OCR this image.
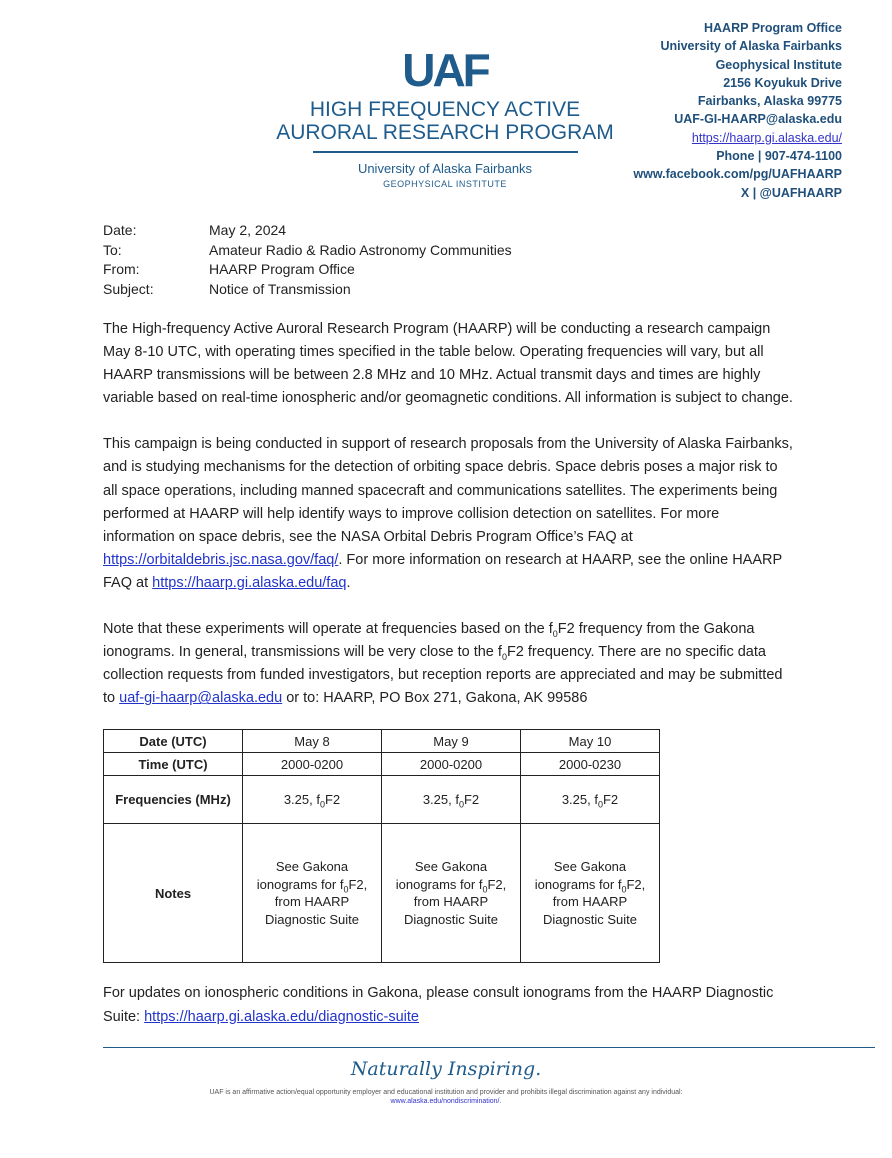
UAF
HIGH FREQUENCY ACTIVE
AURORAL RESEARCH PROGRAM
University of Alaska Fairbanks
GEOPHYSICAL INSTITUTE
HAARP Program Office
University of Alaska Fairbanks
Geophysical Institute
2156 Koyukuk Drive
Fairbanks, Alaska 99775
UAF-GI-HAARP@alaska.edu
https://haarp.gi.alaska.edu/
Phone | 907-474-1100
www.facebook.com/pg/UAFHAARP
X | @UAFHAARP
Date:	May 2, 2024
To:	Amateur Radio & Radio Astronomy Communities
From:	HAARP Program Office
Subject:	Notice of Transmission

The High-frequency Active Auroral Research Program (HAARP) will be conducting a research campaign May 8-10 UTC, with operating times specified in the table below. Operating frequencies will vary, but all HAARP transmissions will be between 2.8 MHz and 10 MHz. Actual transmit days and times are highly variable based on real-time ionospheric and/or geomagnetic conditions. All information is subject to change.

This campaign is being conducted in support of research proposals from the University of Alaska Fairbanks, and is studying mechanisms for the detection of orbiting space debris. Space debris poses a major risk to all space operations, including manned spacecraft and communications satellites. The experiments being performed at HAARP will help identify ways to improve collision detection on satellites. For more information on space debris, see the NASA Orbital Debris Program Office’s FAQ at https://orbitaldebris.jsc.nasa.gov/faq/. For more information on research at HAARP, see the online HAARP FAQ at https://haarp.gi.alaska.edu/faq.

Note that these experiments will operate at frequencies based on the $f_0F2$ frequency from the Gakona ionograms. In general, transmissions will be very close to the $f_0F2$ frequency. There are no specific data collection requests from funded investigators, but reception reports are appreciated and may be submitted to uaf-gi-haarp@alaska.edu or to: HAARP, PO Box 271, Gakona, AK 99586

Date (UTC)	May 8	May 9	May 10
Time (UTC)	2000-0200	2000-0200	2000-0230
Frequencies (MHz)	3.25, $f_0F2$	3.25, $f_0F2$	3.25, $f_0F2$
Notes	See Gakona ionograms for $f_0F2$, from HAARP Diagnostic Suite	See Gakona ionograms for $f_0F2$, from HAARP Diagnostic Suite	See Gakona ionograms for $f_0F2$, from HAARP Diagnostic Suite

For updates on ionospheric conditions in Gakona, please consult ionograms from the HAARP Diagnostic Suite: https://haarp.gi.alaska.edu/diagnostic-suite

Naturally Inspiring.
UAF is an affirmative action/equal opportunity employer and educational institution and provider and prohibits illegal discrimination against any individual:
www.alaska.edu/nondiscrimination/.
